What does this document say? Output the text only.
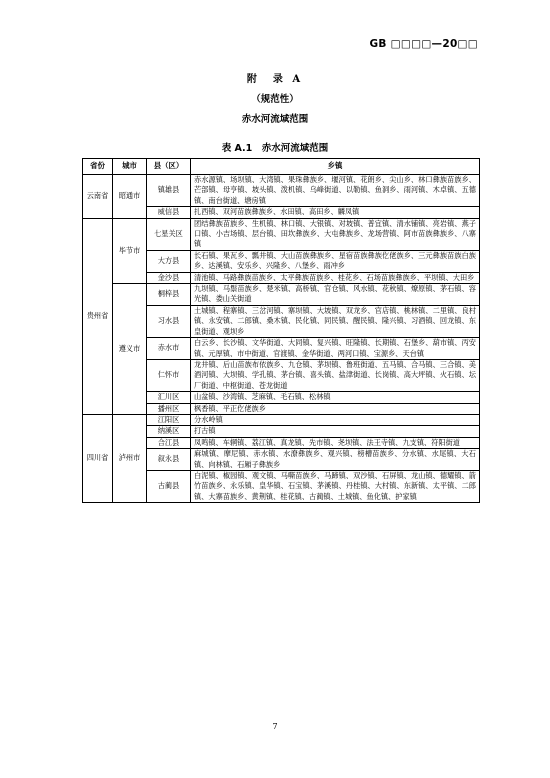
GB □□□□—20□□
附　录 A
（规范性）
赤水河流域范围
表 A.1　赤水河流域范围
省份	城市	县（区）	乡镇
云南省	昭通市	镇雄县	赤水源镇、场坝镇、大湾镇、果珠彝族乡、堰河镇、花朗乡、尖山乡、林口彝族苗族乡、芒部镇、母亨镇、坡头镇、泼机镇、乌峰街道、以勒镇、鱼洞乡、雨河镇、木卓镇、五德镇、南台街道、塘房镇
		威信县	扎西镇、双河苗族彝族乡、水田镇、高田乡、麟凤镇
贵州省	毕节市	七星关区	团结彝族苗族乡、生机镇、林口镇、大银镇、对坡镇、普宜镇、清水铺镇、亮岩镇、燕子口镇、小吉场镇、层台镇、田坎彝族乡、大屯彝族乡、龙场营镇、阿市苗族彝族乡、八寨镇
		大方县	长石镇、果瓦乡、瓢井镇、大山苗族彝族乡、星宿苗族彝族仡佬族乡、三元彝族苗族白族乡、达溪镇、安乐乡、兴隆乡、八堡乡、雨冲乡
		金沙县	清池镇、马路彝族苗族乡、太平彝族苗族乡、桂花乡、石场苗族彝族乡、平坝镇、大田乡
	遵义市	桐梓县	九坝镇、马鬃苗族乡、楚米镇、高桥镇、官仓镇、风水镇、花秋镇、燎原镇、茅石镇、容光镇、娄山关街道
		习水县	土城镇、程寨镇、三岔河镇、寨坝镇、大坡镇、双龙乡、官店镇、桃林镇、二里镇、良村镇、永安镇、二郎镇、桑木镇、民化镇、同民镇、醒民镇、隆兴镇、习酒镇、回龙镇、东皇街道、观坝乡
		赤水市	白云乡、长沙镇、文华街道、大同镇、复兴镇、旺隆镇、长期镇、石堡乡、葫市镇、丙安镇、元厚镇、市中街道、官渡镇、金华街道、两河口镇、宝源乡、天台镇
		仁怀市	龙井镇、后山苗族布依族乡、九仓镇、茅坝镇、鲁班街道、五马镇、合马镇、三合镇、美酒河镇、大坝镇、学孔镇、茅台镇、喜头镇、盐津街道、长岗镇、高大坪镇、火石镇、坛厂街道、中枢街道、苍龙街道
		汇川区	山盆镇、沙湾镇、芝麻镇、毛石镇、松林镇
		播州区	枫香镇、平正仡佬族乡
四川省	泸州市	江阳区	分水岭镇
		纳溪区	打古镇
		合江县	凤鸣镇、车辋镇、荔江镇、真龙镇、先市镇、尧坝镇、法王寺镇、九支镇、符阳街道
		叙永县	麻城镇、摩尼镇、赤水镇、水潦彝族乡、观兴镇、榜槽苗族乡、分水镇、水尾镇、大石镇、向林镇、石厢子彝族乡
		古蔺县	白泥镇、椒园镇、观文镇、马嘶苗族乡、马蹄镇、双沙镇、石屏镇、龙山镇、德耀镇、箭竹苗族乡、永乐镇、皇华镇、石宝镇、茅溪镇、丹桂镇、大村镇、东新镇、太平镇、二郎镇、大寨苗族乡、黄荆镇、桂花镇、古蔺镇、土城镇、鱼化镇、护家镇
7
